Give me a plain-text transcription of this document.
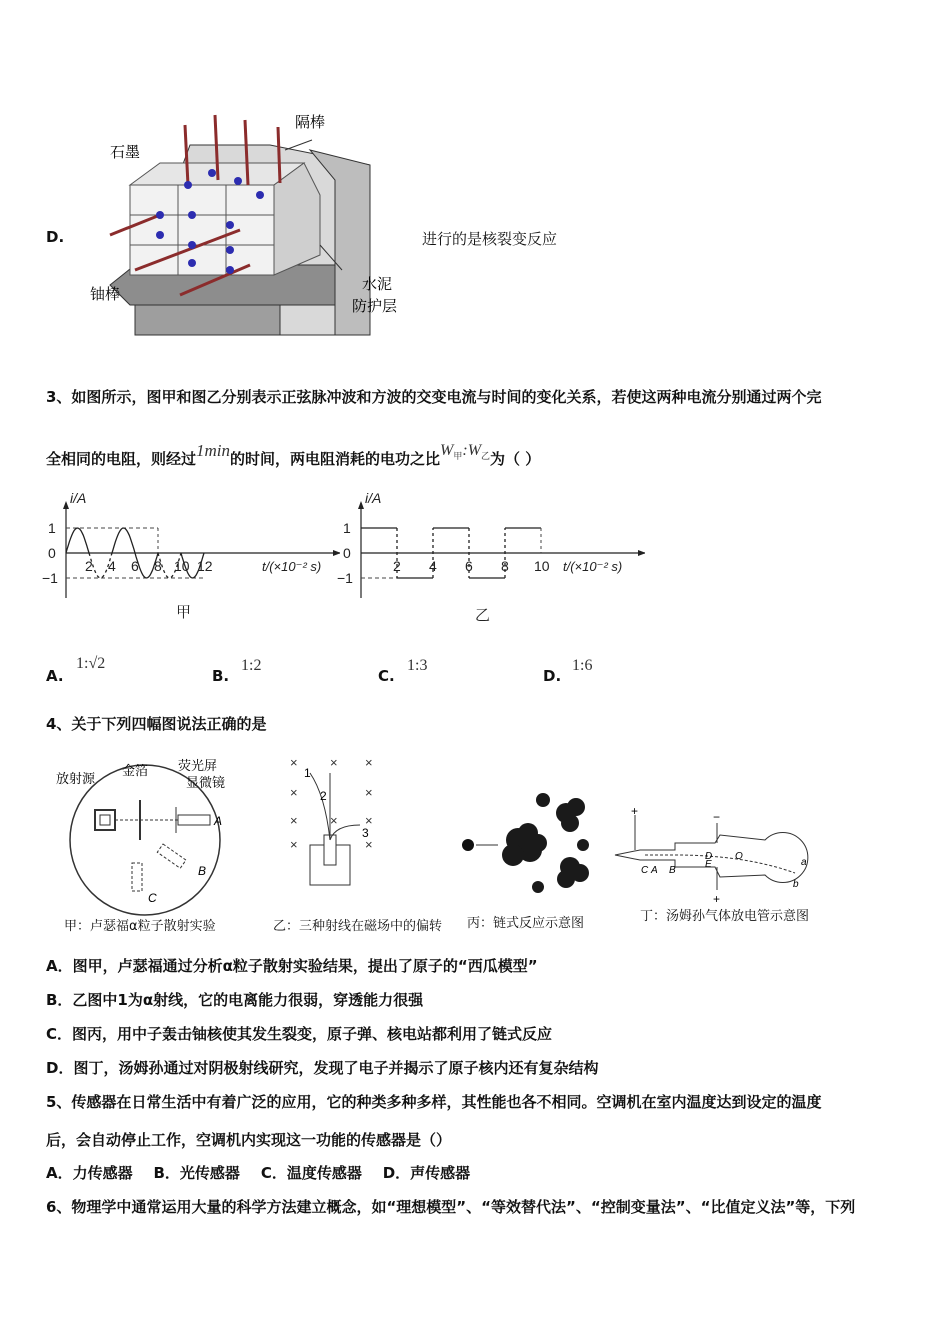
D.
隔棒
石墨
铀棒
水泥
防护层
进行的是核裂变反应
3、如图所示，图甲和图乙分别表示正弦脉冲波和方波的交变电流与时间的变化关系，若使这两种电流分别通过两个完
全相同的电阻，则经过1min的时间，两电阻消耗的电功之比$W_甲:W_乙$为（ ）
i/A
1
0
−1
2 4 6 8 10 12	t/(×10⁻² s)
甲
i/A
1
0
−1
2 4 6 8 10 t/(×10⁻² s)
乙
A.
1:√2
B.
1:2
C.
1:3
D.
1:6
4、关于下列四幅图说法正确的是
放射源
金箔 荧光屏
显微镜
A
B
C
甲：卢瑟福α粒子散射实验
× × ×
×	×
× × ×
×	×
1
2
3
乙：三种射线在磁场中的偏转 丙：链式反应示意图
+	−
+
C A B
D
E
O
a
b
丁：汤姆孙气体放电管示意图
A．图甲，卢瑟福通过分析α粒子散射实验结果，提出了原子的“西瓜模型”
B．乙图中1为α射线，它的电离能力很弱，穿透能力很强
C．图丙，用中子轰击铀核使其发生裂变，原子弹、核电站都利用了链式反应
D．图丁，汤姆孙通过对阴极射线研究，发现了电子并揭示了原子核内还有复杂结构
5、传感器在日常生活中有着广泛的应用，它的种类多种多样，其性能也各不相同。空调机在室内温度达到设定的温度
后，会自动停止工作，空调机内实现这一功能的传感器是（）
A．力传感器    B．光传感器    C．温度传感器    D．声传感器
6、物理学中通常运用大量的科学方法建立概念，如“理想模型”、“等效替代法”、“控制变量法”、“比值定义法”等，下列
